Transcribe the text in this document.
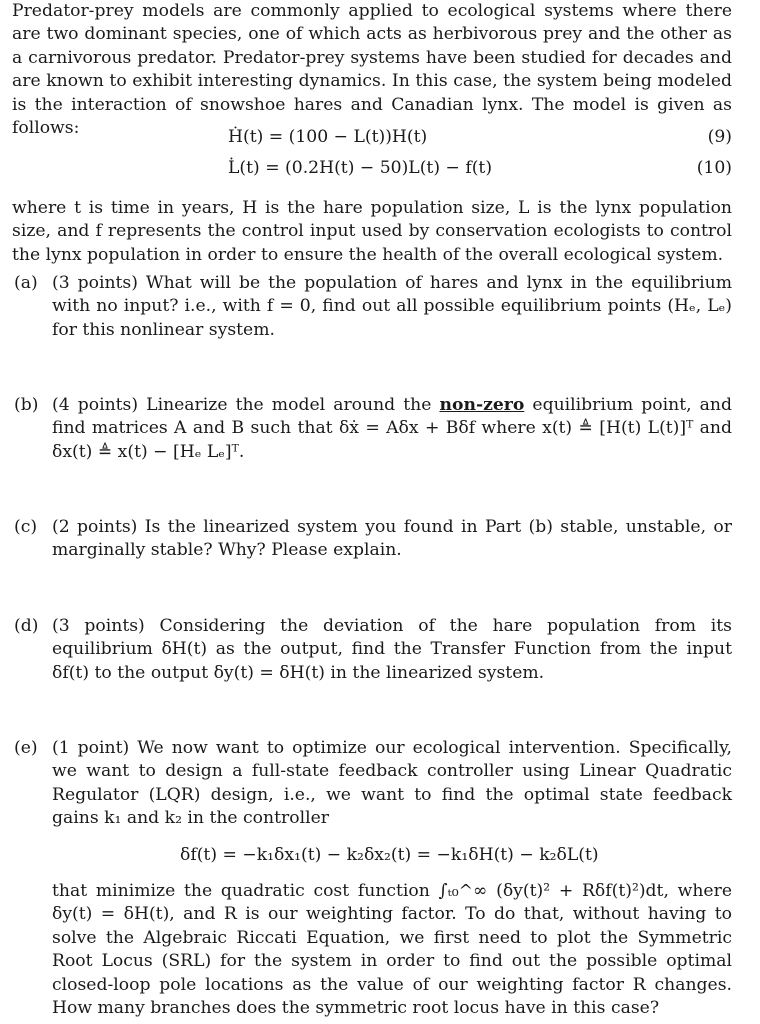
Predator-prey models are commonly applied to ecological systems where there are two dominant species, one of which acts as herbivorous prey and the other as a carnivorous predator. Predator-prey systems have been studied for decades and are known to exhibit interesting dynamics. In this case, the system being modeled is the interaction of snowshoe hares and Canadian lynx. The model is given as follows:	Ḣ(t) = (100 − L(t))H(t)	(9)
L̇(t) = (0.2H(t) − 50)L(t) − f(t)	(10)
where t is time in years, H is the hare population size, L is the lynx population size, and f represents the control input used by conservation ecologists to control the lynx population in order to ensure the health of the overall ecological system.
(a) (3 points) What will be the population of hares and lynx in the equilibrium with no input? i.e., with f = 0, find out all possible equilibrium points (Hₑ, Lₑ) for this nonlinear system.
(b) (4 points) Linearize the model around the non-zero equilibrium point, and find matrices A and B such that δẋ = Aδx + Bδf where x(t) ≜ [H(t) L(t)]ᵀ and δx(t) ≜ x(t) − [Hₑ Lₑ]ᵀ.
(c) (2 points) Is the linearized system you found in Part (b) stable, unstable, or marginally stable? Why? Please explain.
(d) (3 points) Considering the deviation of the hare population from its equilibrium δH(t) as the output, find the Transfer Function from the input δf(t) to the output δy(t) = δH(t) in the linearized system.
(e) (1 point) We now want to optimize our ecological intervention. Specifically, we want to design a full-state feedback controller using Linear Quadratic Regulator (LQR) design, i.e., we want to find the optimal state feedback gains k₁ and k₂ in the controller
δf(t) = −k₁δx₁(t) − k₂δx₂(t) = −k₁δH(t) − k₂δL(t)
that minimize the quadratic cost function ∫ₜ₀^∞ (δy(t)² + Rδf(t)²)dt, where δy(t) = δH(t), and R is our weighting factor. To do that, without having to solve the Algebraic Riccati Equation, we first need to plot the Symmetric Root Locus (SRL) for the system in order to find out the possible optimal closed-loop pole locations as the value of our weighting factor R changes. How many branches does the symmetric root locus have in this case?
